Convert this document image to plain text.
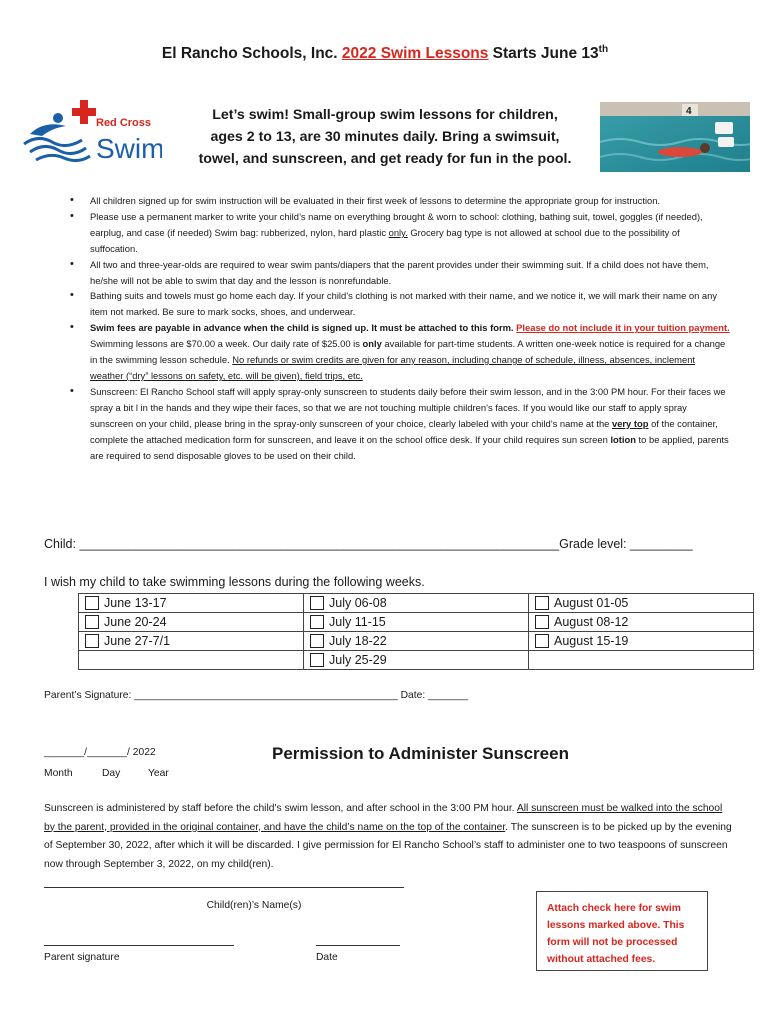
El Rancho Schools, Inc. 2022 Swim Lessons Starts June 13th
Red Cross
Swim
Let’s swim! Small-group swim lessons for children,
ages 2 to 13, are 30 minutes daily. Bring a swimsuit,
towel, and sunscreen, and get ready for fun in the pool.
4
• All children signed up for swim instruction will be evaluated in their first week of lessons to determine the appropriate group for instruction.
• Please use a permanent marker to write your child’s name on everything brought & worn to school: clothing, bathing suit, towel, goggles (if needed), earplug, and case (if needed) Swim bag: rubberized, nylon, hard plastic only. Grocery bag type is not allowed at school due to the possibility of suffocation.
• All two and three-year-olds are required to wear swim pants/diapers that the parent provides under their swimming suit. If a child does not have them, he/she will not be able to swim that day and the lesson is nonrefundable.
• Bathing suits and towels must go home each day. If your child’s clothing is not marked with their name, and we notice it, we will mark their name on any item not marked. Be sure to mark socks, shoes, and underwear.
• Swim fees are payable in advance when the child is signed up. It must be attached to this form. Please do not include it in your tuition payment. Swimming lessons are $70.00 a week. Our daily rate of $25.00 is only available for part-time students. A written one-week notice is required for a change in the swimming lesson schedule. No refunds or swim credits are given for any reason, including change of schedule, illness, absences, inclement weather (“dry” lessons on safety, etc. will be given), field trips, etc.
• Sunscreen: El Rancho School staff will apply spray-only sunscreen to students daily before their swim lesson, and in the 3:00 PM hour. For their faces we spray a bit l in the hands and they wipe their faces, so that we are not touching multiple children’s faces. If you would like our staff to apply spray sunscreen on your child, please bring in the spray-only sunscreen of your choice, clearly labeled with your child’s name at the very top of the container, complete the attached medication form for sunscreen, and leave it on the school office desk. If your child requires sun screen lotion to be applied, parents are required to send disposable gloves to be used on their child.
Child: _____________________________________________________________________Grade level: _________
I wish my child to take swimming lessons during the following weeks.
June 13-17	July 06-08	August 01-05
June 20-24	July 11-15	August 08-12
June 27-7/1	July 18-22	August 15-19
	July 25-29	
Parent’s Signature: ______________________________________________ Date: _______
_______/_______/ 2022	Permission to Administer Sunscreen
Month	Day	Year
Sunscreen is administered by staff before the child's swim lesson, and after school in the 3:00 PM hour. All sunscreen must be walked into the school by the parent, provided in the original container, and have the child’s name on the top of the container. The sunscreen is to be picked up by the evening of September 30, 2022, after which it will be discarded. I give permission for El Rancho School’s staff to administer one to two teaspoons of sunscreen now through September 3, 2022, on my child(ren).
Child(ren)’s Name(s)
Parent signature	Date
Attach check here for swim lessons marked above. This form will not be processed without attached fees.
